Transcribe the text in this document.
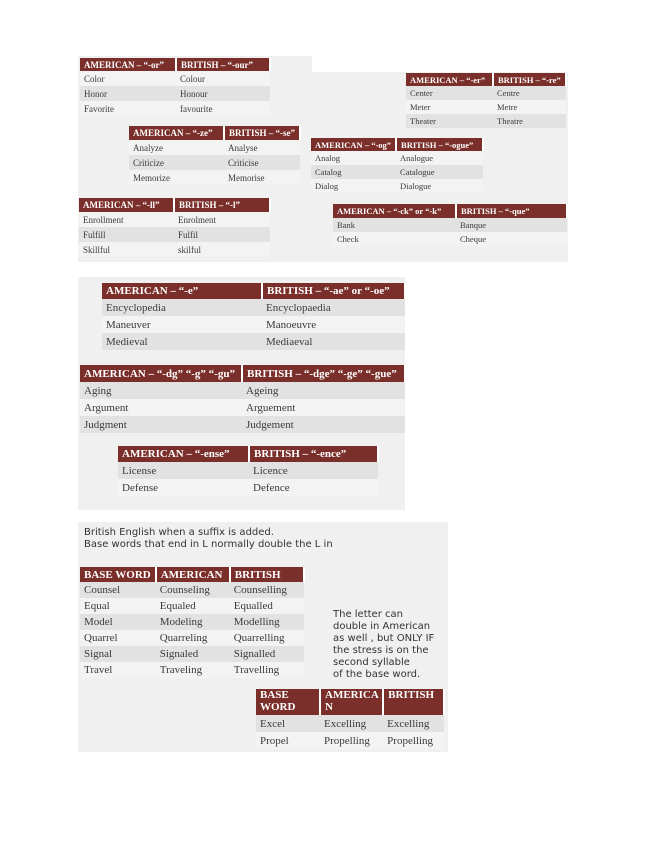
AMERICAN – “-or”	BRITISH – “-our”
Color	Colour
Honor	Honour
Favorite	favourite
AMERICAN – “-er”	BRITISH – “-re”
Center	Centre
Meter	Metre
Theater	Theatre
AMERICAN – “-ze”	BRITISH – “-se”
Analyze	Analyse
Criticize	Criticise
Memorize	Memorise
AMERICAN – “-og”	BRITISH – “-ogue”
Analog	Analogue
Catalog	Catalogue
Dialog	Dialogue
AMERICAN – “-ll”	BRITISH – “-l”
Enrollment	Enrolment
Fulfill	Fulfil
Skillful	skilful
AMERICAN – “-ck” or “-k”	BRITISH – “-que”
Bank	Banque
Check	Cheque
AMERICAN – “-e”	BRITISH – “-ae” or “-oe”
Encyclopedia	Encyclopaedia
Maneuver	Manoeuvre
Medieval	Mediaeval
AMERICAN – “-dg” “-g” “-gu”	BRITISH – “-dge” “-ge” “-gue”
Aging	Ageing
Argument	Arguement
Judgment	Judgement
AMERICAN – “-ense”	BRITISH – “-ence”
License	Licence
Defense	Defence
British English when a suffix is added.
Base words that end in L normally double the L in
BASE WORD	AMERICAN	BRITISH
Counsel	Counseling	Counselling
Equal	Equaled	Equalled
Model	Modeling	Modelling
Quarrel	Quarreling	Quarrelling
Signal	Signaled	Signalled
Travel	Traveling	Travelling
The letter can
double in American
as well , but ONLY IF
the stress is on the
second syllable
of the base word.
BASE WORD	AMERICA N	BRITISH
Excel	Excelling	Excelling
Propel	Propelling	Propelling
